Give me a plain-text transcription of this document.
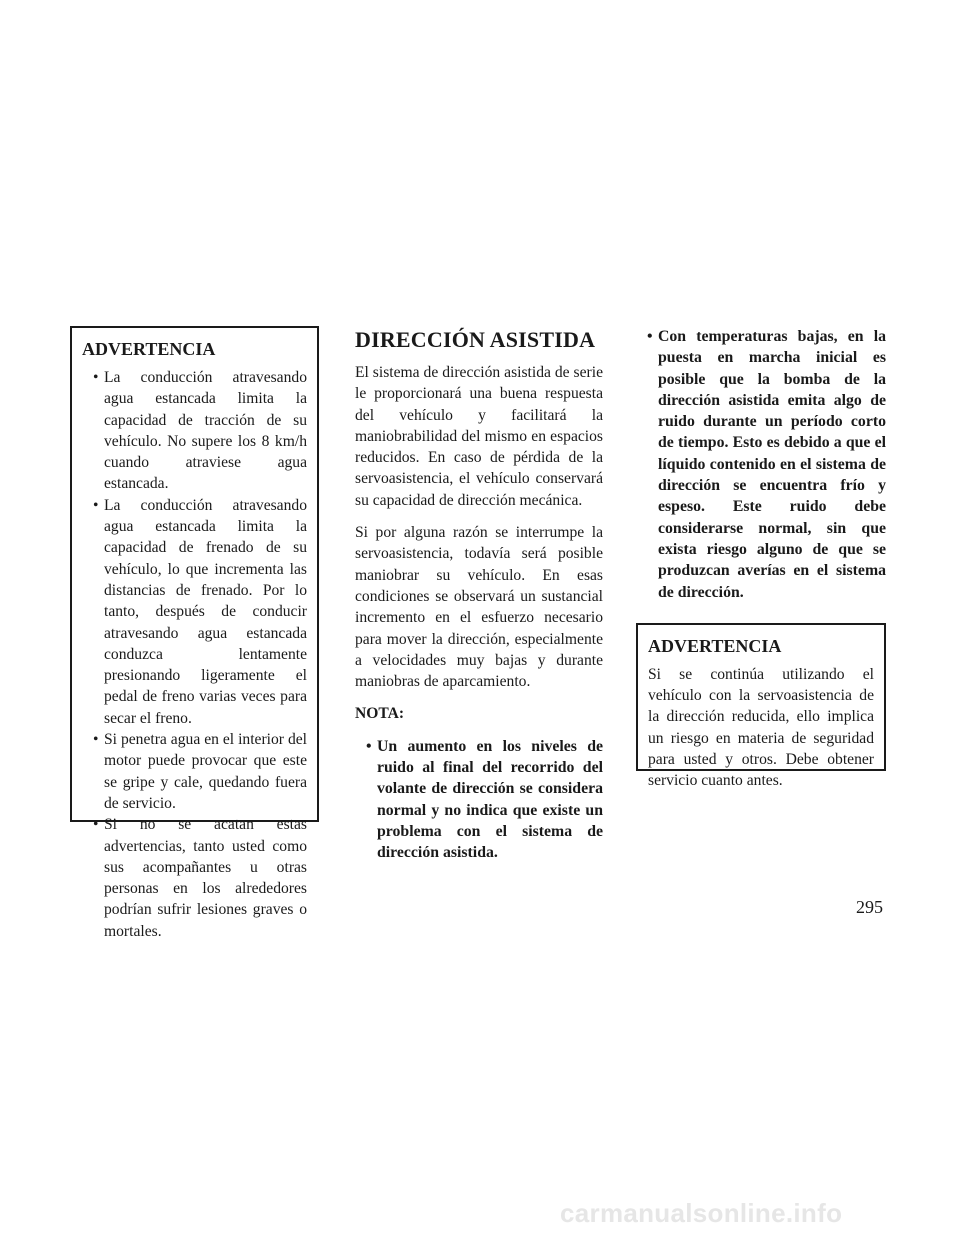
ADVERTENCIA
• La conducción atravesando agua estancada limita la capacidad de tracción de su vehículo. No supere los 8 km/h cuando atraviese agua estancada.
• La conducción atravesando agua estancada limita la capacidad de frenado de su vehículo, lo que incrementa las distancias de frenado. Por lo tanto, después de conducir atravesando agua estancada conduzca lentamente presionando ligeramente el pedal de freno varias veces para secar el freno.
• Si penetra agua en el interior del motor puede provocar que este se gripe y cale, quedando fuera de servicio.
• Si no se acatan estas advertencias, tanto usted como sus acompañantes u otras personas en los alrededores podrían sufrir lesiones graves o mortales.
DIRECCIÓN ASISTIDA

El sistema de dirección asistida de serie le proporcionará una buena respuesta del vehículo y facilitará la maniobrabilidad del mismo en espacios reducidos. En caso de pérdida de la servoasistencia, el vehículo conservará su capacidad de dirección mecánica.

Si por alguna razón se interrumpe la servoasistencia, todavía será posible maniobrar su vehículo. En esas condiciones se observará un sustancial incremento en el esfuerzo necesario para mover la dirección, especialmente a velocidades muy bajas y durante maniobras de aparcamiento.

NOTA:
• Un aumento en los niveles de ruido al final del recorrido del volante de dirección se considera normal y no indica que existe un problema con el sistema de dirección asistida.
• Con temperaturas bajas, en la puesta en marcha inicial es posible que la bomba de la dirección asistida emita algo de ruido durante un período corto de tiempo. Esto es debido a que el líquido contenido en el sistema de dirección se encuentra frío y espeso. Este ruido debe considerarse normal, sin que exista riesgo alguno de que se produzcan averías en el sistema de dirección.
ADVERTENCIA

Si se continúa utilizando el vehículo con la servoasistencia de la dirección reducida, ello implica un riesgo en materia de seguridad para usted y otros. Debe obtener servicio cuanto antes.

295
carmanualsonline.info
